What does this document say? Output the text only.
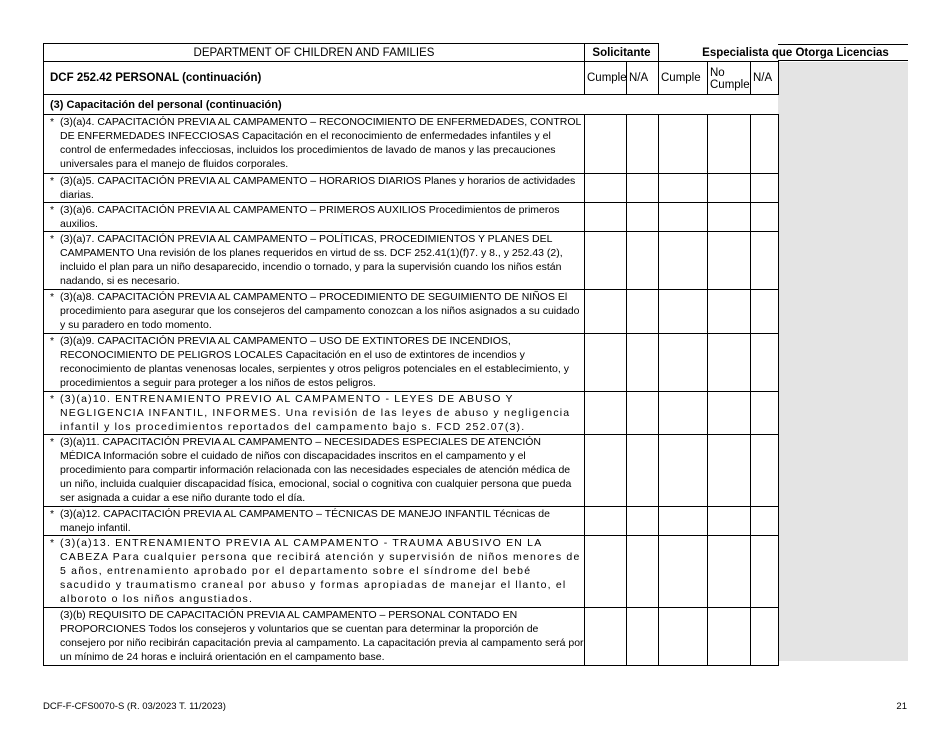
Especialista que Otorga Licencias
DEPARTMENT OF CHILDREN AND FAMILIES	Solicitante				
DCF 252.42 PERSONAL (continuación)	Cumple	N/A	Cumple	No Cumple	N/A
(3) Capacitación del personal (continuación)					

* (3)(a)4. CAPACITACIÓN PREVIA AL CAMPAMENTO – RECONOCIMIENTO DE ENFERMEDADES, CONTROL DE ENFERMEDADES INFECCIOSAS Capacitación en el reconocimiento de enfermedades infantiles y el control de enfermedades infecciosas, incluidos los procedimientos de lavado de manos y las precauciones universales para el manejo de fluidos corporales.					

* (3)(a)5. CAPACITACIÓN PREVIA AL CAMPAMENTO – HORARIOS DIARIOS Planes y horarios de actividades diarias.					

* (3)(a)6. CAPACITACIÓN PREVIA AL CAMPAMENTO – PRIMEROS AUXILIOS Procedimientos de primeros auxilios.					

* (3)(a)7. CAPACITACIÓN PREVIA AL CAMPAMENTO – POLÍTICAS, PROCEDIMIENTOS Y PLANES DEL CAMPAMENTO Una revisión de los planes requeridos en virtud de ss. DCF 252.41(1)(f)7. y 8., y 252.43 (2), incluido el plan para un niño desaparecido, incendio o tornado, y para la supervisión cuando los niños están nadando, si es necesario.					

* (3)(a)8. CAPACITACIÓN PREVIA AL CAMPAMENTO – PROCEDIMIENTO DE SEGUIMIENTO DE NIÑOS El procedimiento para asegurar que los consejeros del campamento conozcan a los niños asignados a su cuidado y su paradero en todo momento.					

* (3)(a)9. CAPACITACIÓN PREVIA AL CAMPAMENTO – USO DE EXTINTORES DE INCENDIOS, RECONOCIMIENTO DE PELIGROS LOCALES Capacitación en el uso de extintores de incendios y reconocimiento de plantas venenosas locales, serpientes y otros peligros potenciales en el establecimiento, y procedimientos a seguir para proteger a los niños de estos peligros.					

* (3)(a)10. ENTRENAMIENTO PREVIO AL CAMPAMENTO - LEYES DE ABUSO Y NEGLIGENCIA INFANTIL, INFORMES. Una revisión de las leyes de abuso y negligencia infantil y los procedimientos reportados del campamento bajo s. FCD 252.07(3).					

* (3)(a)11. CAPACITACIÓN PREVIA AL CAMPAMENTO – NECESIDADES ESPECIALES DE ATENCIÓN MÉDICA Información sobre el cuidado de niños con discapacidades inscritos en el campamento y el procedimiento para compartir información relacionada con las necesidades especiales de atención médica de un niño, incluida cualquier discapacidad física, emocional, social o cognitiva con cualquier persona que pueda ser asignada a cuidar a ese niño durante todo el día.					

* (3)(a)12. CAPACITACIÓN PREVIA AL CAMPAMENTO – TÉCNICAS DE MANEJO INFANTIL Técnicas de manejo infantil.					

* (3)(a)13. ENTRENAMIENTO PREVIA AL CAMPAMENTO - TRAUMA ABUSIVO EN LA CABEZA Para cualquier persona que recibirá atención y supervisión de niños menores de 5 años, entrenamiento aprobado por el departamento sobre el síndrome del bebé sacudido y traumatismo craneal por abuso y formas apropiadas de manejar el llanto, el alboroto o los niños angustiados.					

(3)(b) REQUISITO DE CAPACITACIÓN PREVIA AL CAMPAMENTO – PERSONAL CONTADO EN PROPORCIONES Todos los consejeros y voluntarios que se cuentan para determinar la proporción de consejero por niño recibirán capacitación previa al campamento. La capacitación previa al campamento será por un mínimo de 24 horas e incluirá orientación en el campamento base.					
DCF-F-CFS0070-S (R. 03/2023 T. 11/2023)	21
